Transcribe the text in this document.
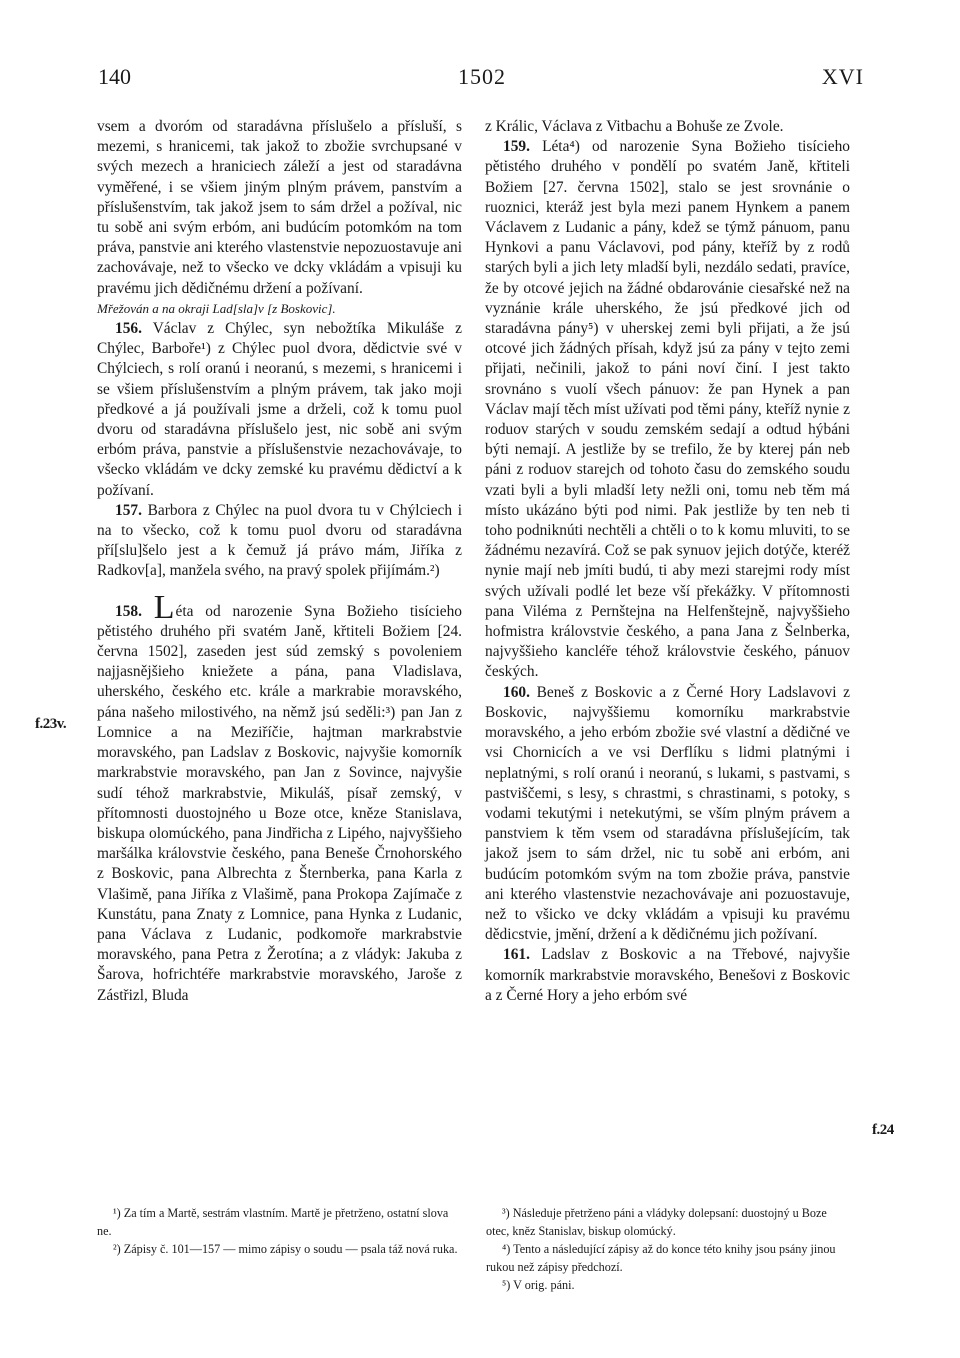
140	1502	XVI
f.23v.
f.24

vsem a dvoróm od staradávna příslušelo a přísluší, s mezemi, s hranicemi, tak jakož to zbožie svrchupsané v svých mezech a hraniciech záleží a jest od staradávna vyměřené, i se všiem jiným plným právem, panstvím a příslušenstvím, tak jakož jsem to sám držel a požíval, nic tu sobě ani svým erbóm, ani budúcím potomkóm na tom práva, panstvie ani kterého vlastenstvie nepozuostavuje ani zachovávaje, než to všecko ve dcky vkládám a vpisuji ku pravému jich dědičnému držení a požívaní.

Mřežován a na okraji Lad[sla]v [z Boskovic].

156. Václav z Chýlec, syn nebožtíka Mikuláše z Chýlec, Barboře¹) z Chýlec puol dvora, dědictvie své v Chýlciech, s rolí oranú i neoranú, s mezemi, s hranicemi i se všiem příslušenstvím a plným právem, tak jako moji předkové a já používali jsme a drželi, což k tomu puol dvoru od staradávna příslušelo jest, nic sobě ani svým erbóm práva, panstvie a příslušenstvie nezachovávaje, to všecko vkládám ve dcky zemské ku pravému dědictví a k požívaní.

157. Barbora z Chýlec na puol dvora tu v Chýlciech i na to všecko, což k tomu puol dvoru od staradávna pří[slu]šelo jest a k čemuž já právo mám, Jiříka z Radkov[a], manžela svého, na pravý spolek přijímám.²)

158. Léta od narozenie Syna Božieho tisícieho pětistého druhého při svatém Janě, křtiteli Božiem [24. června 1502], zaseden jest súd zemský s povoleniem najjasnějšieho kniežete a pána, pana Vladislava, uherského, českého etc. krále a markrabie moravského, pána našeho milostivého, na němž jsú seděli:³) pan Jan z Lomnice a na Meziříčie, hajtman markrabstvie moravského, pan Ladslav z Boskovic, najvyšie komorník markrabstvie moravského, pan Jan z Sovince, najvyšie sudí téhož markrabstvie, Mikuláš, písař zemský, v přítomnosti duostojného u Boze otce, kněze Stanislava, biskupa olomúckého, pana Jindřicha z Lipého, najvyššieho maršálka královstvie českého, pana Beneše Črnohorského z Boskovic, pana Albrechta z Šternberka, pana Karla z Vlašimě, pana Jiříka z Vlašimě, pana Prokopa Zajímače z Kunstátu, pana Znaty z Lomnice, pana Hynka z Ludanic, pana Václava z Ludanic, podkomoře markrabstvie moravského, pana Petra z Žerotína; a z vládyk: Jakuba z Šarova, hofrichtéře markrabstvie moravského, Jaroše z Zástřizl, Bluda

z Králic, Václava z Vitbachu a Bohuše ze Zvole.

159. Léta⁴) od narozenie Syna Božieho tisícieho pětistého druhého v pondělí po svatém Janě, křtiteli Božiem [27. června 1502], stalo se jest srovnánie o ruoznici, kteráž jest byla mezi panem Hynkem a panem Václavem z Ludanic a pány, kdež se týmž pánuom, panu Hynkovi a panu Václavovi, pod pány, kteříž by z rodů starých byli a jich lety mladší byli, nezdálo sedati, pravíce, že by otcové jejich na žádné obdarovánie ciesařské než na vyznánie krále uherského, že jsú předkové jich od staradávna pány⁵) v uherskej zemi byli přijati, a že jsú otcové jich žádných přísah, když jsú za pány v tejto zemi přijati, nečinili, jakož to páni noví činí. I jest takto srovnáno s vuolí všech pánuov: že pan Hynek a pan Václav mají těch míst užívati pod těmi pány, kteříž nynie z roduov starých v soudu zemském sedají a odtud hýbáni býti nemají. A jestliže by se trefilo, že by kterej pán neb páni z roduov starejch od tohoto času do zemského soudu vzati byli a byli mladší lety nežli oni, tomu neb těm má místo ukázáno býti pod nimi. Pak jestliže by ten neb ti toho podniknúti nechtěli a chtěli o to k komu mluviti, to se žádnému nezavírá. Což se pak synuov jejich dotýče, kteréž nynie mají neb jmíti budú, ti aby mezi starejmi rody míst svých užívali podlé let beze vší překážky. V přítomnosti pana Viléma z Pernštejna na Helfenštejně, najvyššieho hofmistra královstvie českého, a pana Jana z Šelnberka, najvyššieho kancléře téhož královstvie českého, pánuov českých.

160. Beneš z Boskovic a z Černé Hory Ladslavovi z Boskovic, najvyššiemu komorníku markrabstvie moravského, a jeho erbóm zbožie své vlastní a dědičné ve vsi Chornicích a ve vsi Derflíku s lidmi platnými i neplatnými, s rolí oranú i neoranú, s lukami, s pastvami, s pastviščemi, s lesy, s chrastmi, s chrastinami, s potoky, s vodami tekutými i netekutými, se vším plným právem a panstviem k těm vsem od staradávna příslušejícím, tak jakož jsem to sám držel, nic tu sobě ani erbóm, ani budúcím potomkóm svým na tom zbožie práva, panstvie ani kterého vlastenstvie nezachovávaje ani pozuostavuje, než to všicko ve dcky vkládám a vpisuji ku pravému dědicstvie, jmění, držení a k dědičnému jich požívaní.

161. Ladslav z Boskovic a na Třebové, najvyšie komorník markrabstvie moravského, Benešovi z Boskovic a z Černé Hory a jeho erbóm své

¹) Za tím a Martě, sestrám vlastním. Martě je přetrženo, ostatní slova ne.

²) Zápisy č. 101—157 — mimo zápisy o soudu — psala táž nová ruka.

³) Následuje přetrženo páni a vládyky dolepsaní: duostojný u Boze otec, kněz Stanislav, biskup olomúcký.

⁴) Tento a následující zápisy až do konce této knihy jsou psány jinou rukou než zápisy předchozí.

⁵) V orig. páni.
